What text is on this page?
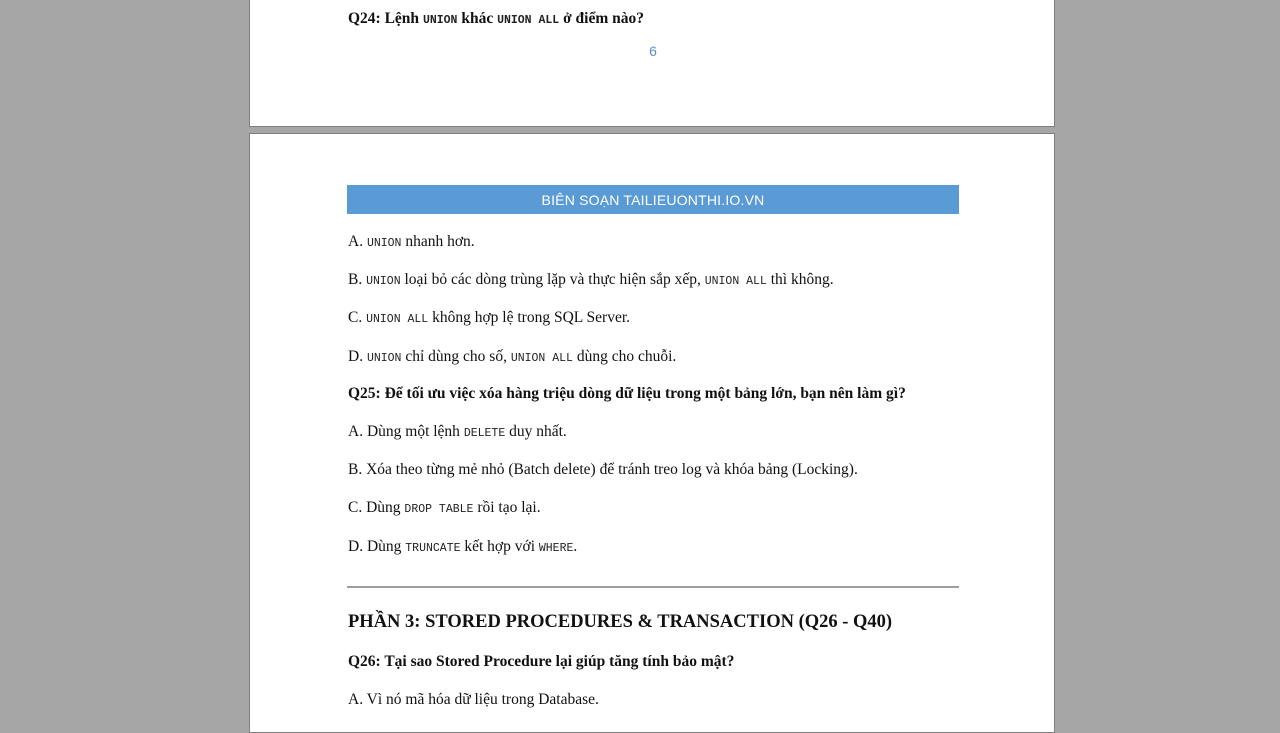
Q24: Lệnh UNION khác UNION ALL ở điểm nào?
6
BIÊN SOẠN TAILIEUONTHI.IO.VN
A. UNION nhanh hơn.
B. UNION loại bỏ các dòng trùng lặp và thực hiện sắp xếp, UNION ALL thì không.
C. UNION ALL không hợp lệ trong SQL Server.
D. UNION chỉ dùng cho số, UNION ALL dùng cho chuỗi.
Q25: Để tối ưu việc xóa hàng triệu dòng dữ liệu trong một bảng lớn, bạn nên làm gì?
A. Dùng một lệnh DELETE duy nhất.
B. Xóa theo từng mẻ nhỏ (Batch delete) để tránh treo log và khóa bảng (Locking).
C. Dùng DROP TABLE rồi tạo lại.
D. Dùng TRUNCATE kết hợp với WHERE.
PHẦN 3: STORED PROCEDURES & TRANSACTION (Q26 - Q40)
Q26: Tại sao Stored Procedure lại giúp tăng tính bảo mật?
A. Vì nó mã hóa dữ liệu trong Database.
